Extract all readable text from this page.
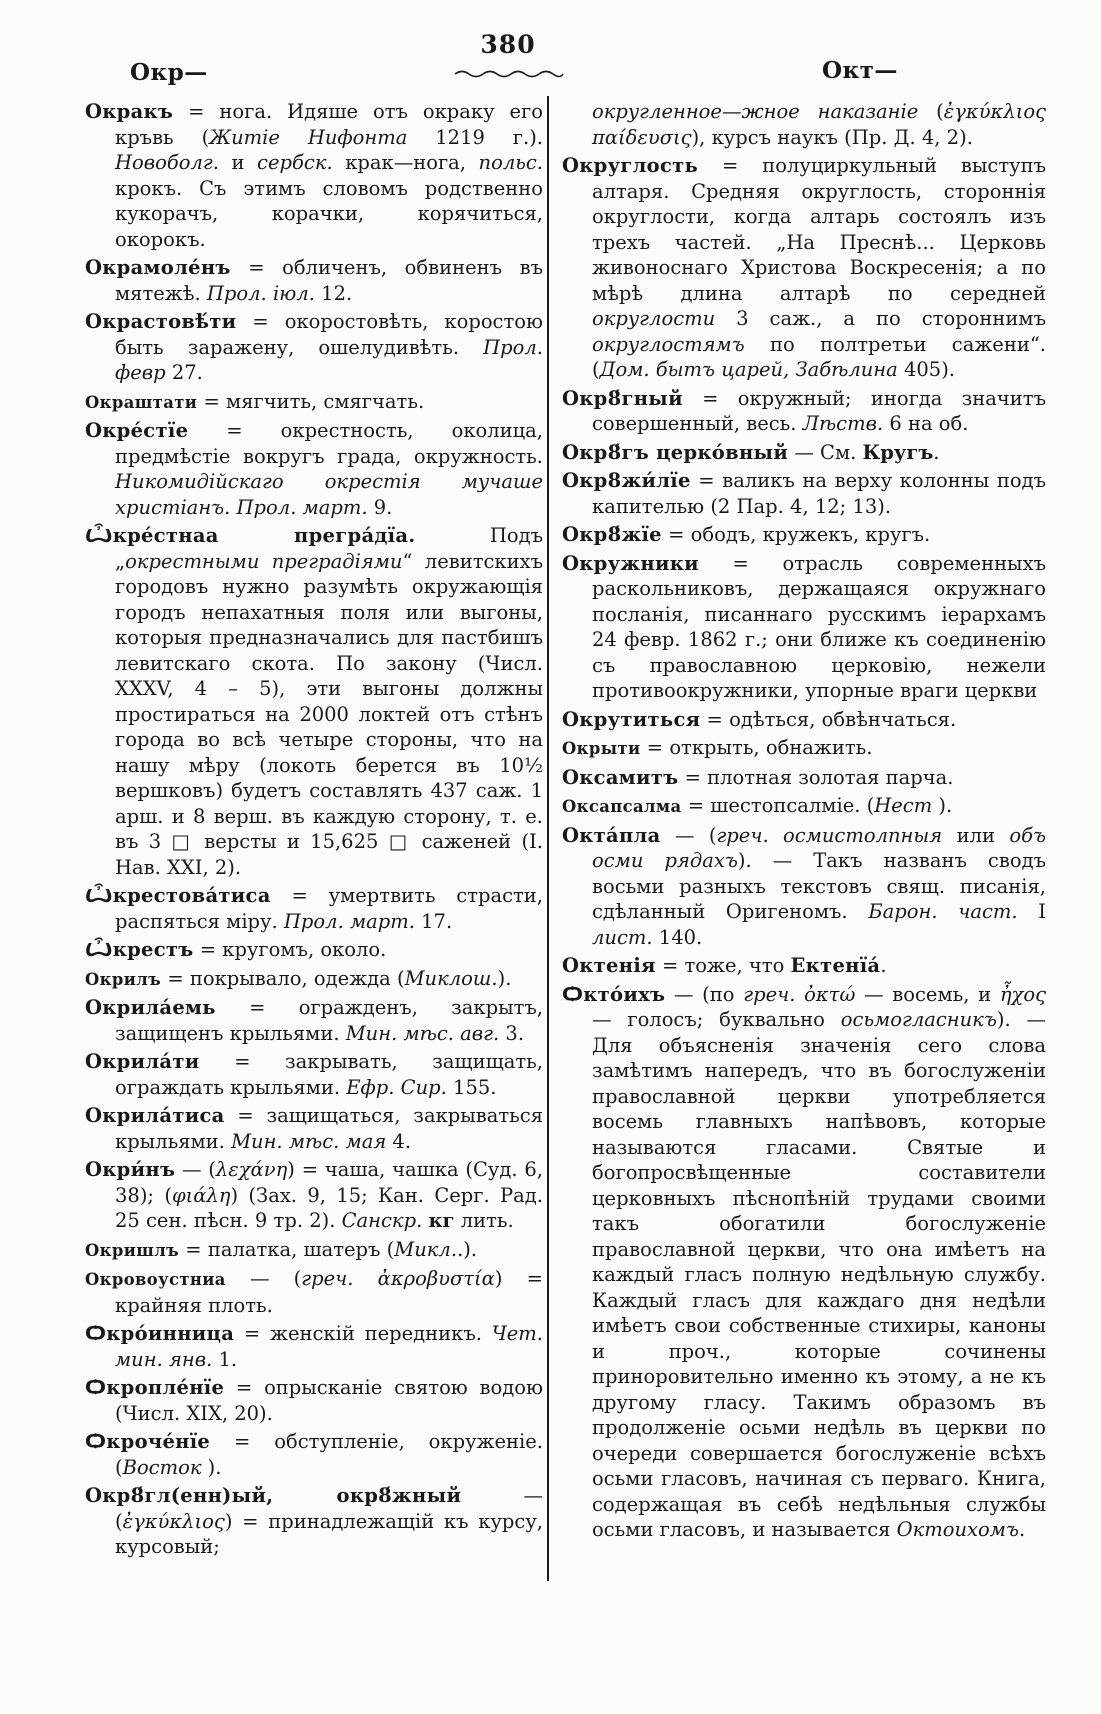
Окр—
380
Окт—

Окракъ = нога. Идяше отъ окраку его кръвь (Житіе Нифонта 1219 г.). Новоболг. и сербск. крак—нога, польс. крокъ. Съ этимъ словомъ родственно кукорачъ, корачки, корячиться, окорокъ.

Окрамоле́нъ = обличенъ, обвиненъ въ мятежѣ. Прол. іюл. 12.

Окрастовѣ́ти = окоростовѣть, коростою быть заражену, ошелудивѣть. Прол. февр 27.

Окраштати = мягчить, смягчать.

Окре́стїе = окрестность, околица, предмѣстіе вокругъ града, окружность. Никомидійскаго окрестія мучаше христіанъ. Прол. март. 9.

Ѽкре́стнаа прегра́дїа. Подъ „окрестными преградіями“ левитскихъ городовъ нужно разумѣть окружающія городъ непахатныя поля или выгоны, которыя предназначались для пастбишъ левитскаго скота. По закону (Числ. XXXV, 4 – 5), эти выгоны должны простираться на 2000 локтей отъ стѣнъ города во всѣ четыре стороны, что на нашу мѣру (локоть берется въ 10½ вершковъ) будетъ составлять 437 саж. 1 арш. и 8 верш. въ каждую сторону, т. е. въ 3 □ версты и 15,625 □ саженей (І. Нав. XXI, 2).

Ѽкрестова́тиса = умертвить страсти, распяться міру. Прол. март. 17.

Ѽкрестъ = кругомъ, около.

Окрилъ = покрывало, одежда (Миклош.).

Окрила́емь = огражденъ, закрытъ, защищенъ крыльями. Мин. мѣс. авг. 3.

Окрила́ти = закрывать, защищать, ограждать крыльями. Ефр. Сир. 155.

Окрила́тиса = защищаться, закрываться крыльями. Мин. мѣс. мая 4.

Окри́нъ — (λεχάνη) = чаша, чашка (Суд. 6, 38); (φιάλη) (Зах. 9, 15; Кан. Серг. Рад. 25 сен. пѣсн. 9 тр. 2). Санскр. кг лить.

Окришлъ = палатка, шатеръ (Микл..).

Окровоустниа — (греч. ἀκροβυστία) = крайняя плоть.

Ѻкро́инница = женскій передникъ. Чет. мин. янв. 1.

Ѻкропле́нїе = опрысканіе святою водою (Числ. XIX, 20).

Ѻкроче́нїе = обступленіе, окруженіе. (Восток ).

Окр8́гл(енн)ый, окр8́жный — (ἐγκύκλιος) = принадлежащій къ курсу, курсовый;

округленное—жное наказаніе (ἐγκύκλιος παίδευσις), курсъ наукъ (Пр. Д. 4, 2).

Округлость = полуциркульный выступъ алтаря. Средняя округлость, стороннія округлости, когда алтарь состоялъ изъ трехъ частей. „На Преснѣ... Церковь живоноснаго Христова Воскресенія; а по мѣрѣ длина алтарѣ по середней округлости 3 саж., а по стороннимъ округлостямъ по полтретьи сажени“. (Дом. бытъ царей, Забѣлина 405).

Окр8́гный = окружный; иногда значитъ совершенный, весь. Лѣств. 6 на об.

Окр8́гъ церко́вный — См. Кругъ.

Окр8жи́лїе = валикъ на верху колонны подъ капителью (2 Пар. 4, 12; 13).

Окр8́жїе = ободъ, кружекъ, кругъ.

Окружники = отрасль современныхъ раскольниковъ, держащаяся окружнаго посланія, писаннаго русскимъ іерархамъ 24 февр. 1862 г.; они ближе къ соединенію съ православною церковію, нежели противоокружники, упорные враги церкви

Окрутиться = одѣться, обвѣнчаться.

Окрыти = открыть, обнажить.

Оксамитъ = плотная золотая парча.

Оксапсалма = шестопсалміе. (Нест ).

Окта́пла — (греч. осмистолпныя или объ осми рядахъ). — Такъ названъ сводъ восьми разныхъ текстовъ свящ. писанія, сдѣланный Оригеномъ. Барон. част. І лист. 140.

Октенія = тоже, что Ектенїа́.

Ѻкто́ихъ — (по греч. ὀκτώ — восемь, и ἦχος — голосъ; буквально осьмогласникъ). — Для объясненія значенія сего слова замѣтимъ напередъ, что въ богослуженіи православной церкви употребляется восемь главныхъ напѣвовъ, которые называются гласами. Святые и богопросвѣщенные составители церковныхъ пѣснопѣній трудами своими такъ обогатили богослуженіе православной церкви, что она имѣетъ на каждый гласъ полную недѣльную службу. Каждый гласъ для каждаго дня недѣли имѣетъ свои собственные стихиры, каноны и проч., которые сочинены приноровительно именно къ этому, а не къ другому гласу. Такимъ образомъ въ продолженіе осьми недѣль въ церкви по очереди совершается богослуженіе всѣхъ осьми гласовъ, начиная съ перваго. Книга, содержащая въ себѣ недѣльныя службы осьми гласовъ, и называется Октоихомъ.
